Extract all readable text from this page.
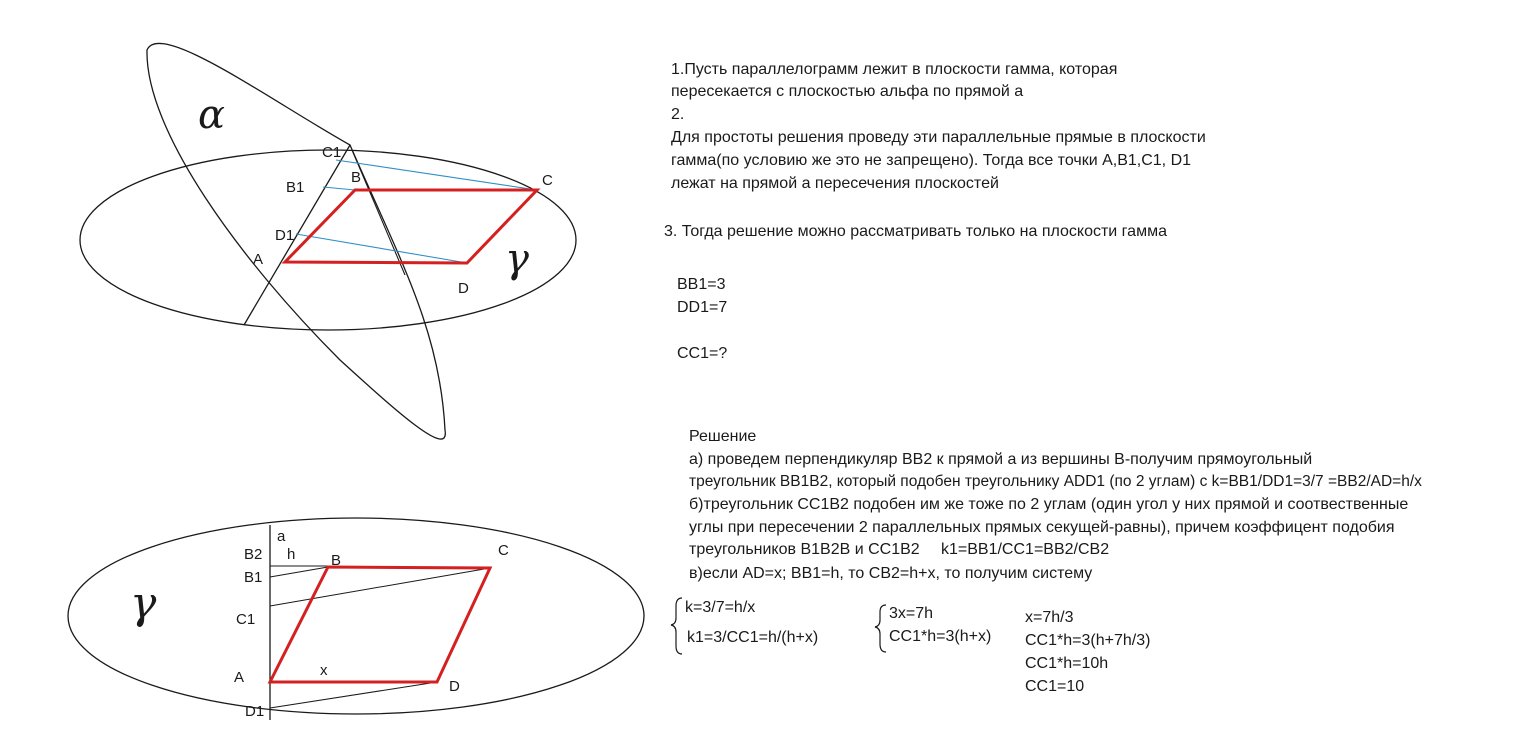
α
γ
C1
B1
B	C
D1
A
D
γ
a
B2 h B
C
B1
C1
x
A
D
D1
1.Пусть параллелограмм лежит в плоскости гамма, которая
пересекается с плоскостью альфа по прямой а
2.
Для простоты решения проведу эти параллельные прямые в плоскости
гамма(по условию же это не запрещено). Тогда все точки A,B1,C1, D1
лежат на прямой а пересечения плоскостей
3. Тогда решение можно рассматривать только на плоскости гамма
BB1=3
DD1=7
CC1=?
Решение
а) проведем перпендикуляр BB2 к прямой а из вершины B-получим прямоугольный
треугольник BB1B2, который подобен треугольнику ADD1 (по 2 углам) с k=BB1/DD1=3/7 =BB2/AD=h/x
б)треугольник CC1B2 подобен им же тоже по 2 углам (один угол у них прямой и соотвественные
углы при пересечении 2 параллельных прямых секущей-равны), причем коэффицент подобия
треугольников B1B2B и CC1B2 k1=BB1/CC1=BB2/CB2
в)если AD=x; BB1=h, то CB2=h+x, то получим систему
k=3/7=h/x
k1=3/CC1=h/(h+x)
3x=7h
CC1*h=3(h+x)
x=7h/3
CC1*h=3(h+7h/3)
CC1*h=10h
CC1=10
